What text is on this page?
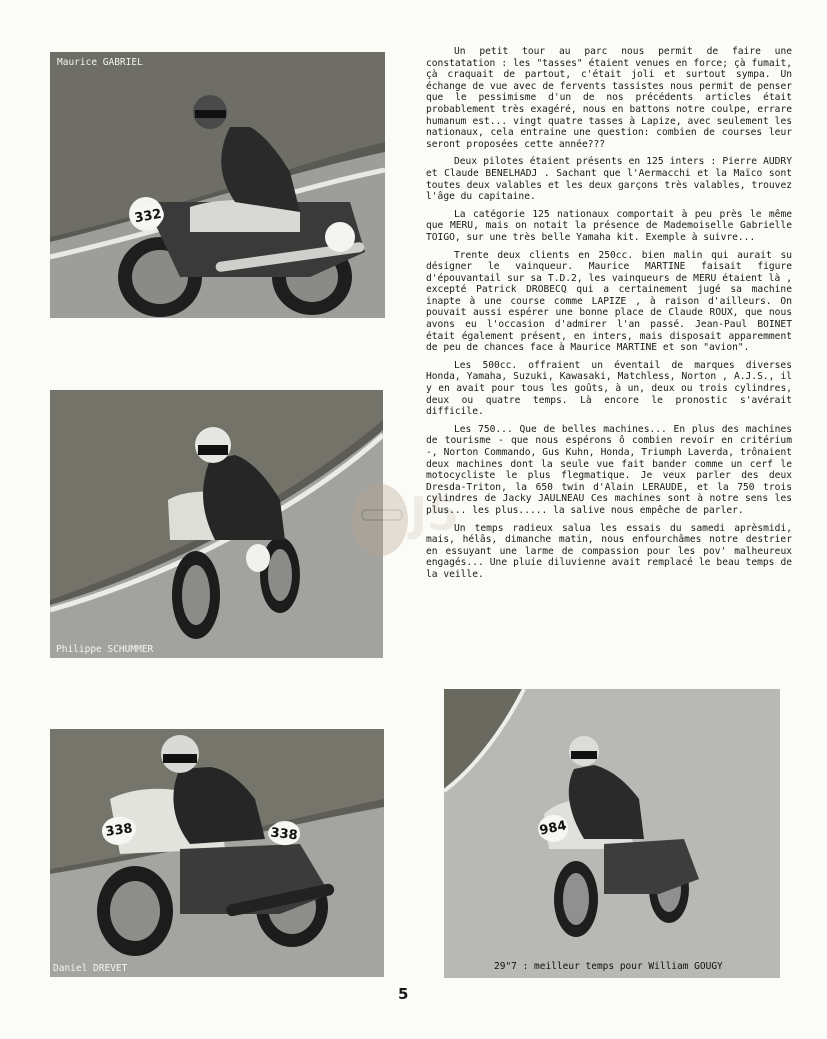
Maurice GABRIEL
332
Philippe SCHUMMER
Daniel DREVET
338	338
29"7 : meilleur temps pour William GOUGY
984
J5

Un petit tour au parc nous permit de faire une constatation : les "tasses" étaient venues en force; çà fumait, çà craquait de partout, c'était joli et surtout sympa. Un échange de vue avec de fervents tassistes nous permit de penser que le pessimisme d'un de nos précédents articles était probablement très exagéré, nous en battons notre coulpe, errare humanum est... vingt quatre tasses à Lapize, avec seulement les nationaux, cela entraine une question: combien de courses leur seront proposées cette année???

Deux pilotes étaient présents en 125 inters : Pierre AUDRY et Claude BENELHADJ . Sachant que l'Aermacchi et la Maïco sont toutes deux valables et les deux garçons très valables, trouvez l'âge du capitaine.

La catégorie 125 nationaux comportait à peu près le même que MERU, mais on notait la présence de Mademoiselle Gabrielle TOIGO, sur une très belle Yamaha kit. Exemple à suivre...

Trente deux clients en 250cc. bien malin qui aurait su désigner le vainqueur. Maurice MARTINE faisait figure d'épouvantail sur sa T.D.2, les vainqueurs de MERU étaient là , excepté Patrick DROBECQ qui a certainement jugé sa machine inapte à une course comme LAPIZE , à raison d'ailleurs. On pouvait aussi espérer une bonne place de Claude ROUX, que nous avons eu l'occasion d'admirer l'an passé. Jean-Paul BOINET était également présent, en inters, mais disposait apparemment de peu de chances face à Maurice MARTINE et son "avion".

Les 500cc. offraient un éventail de marques diverses Honda, Yamaha, Suzuki, Kawasaki, Matchless, Norton , A.J.S., il y en avait pour tous les goûts, à un, deux ou trois cylindres, deux ou quatre temps. Là encore le pronostic s'avérait difficile.

Les 750... Que de belles machines... En plus des machines de tourisme - que nous espérons ô combien revoir en critérium -, Norton Commando, Gus Kuhn, Honda, Triumph Laverda, trônaient deux machines dont la seule vue fait bander comme un cerf le motocycliste le plus flegmatique. Je veux parler des deux Dresda-Triton, la 650 twin d'Alain LERAUDE, et la 750 trois cylindres de Jacky JAULNEAU Ces machines sont à notre sens les plus... les plus..... la salive nous empêche de parler.

Un temps radieux salua les essais du samedi aprèsmidi, mais, hélâs, dimanche matin, nous enfourchâmes notre destrier en essuyant une larme de compassion pour les pov' malheureux engagés... Une pluie diluvienne avait remplacé le beau temps de la veille.

5
